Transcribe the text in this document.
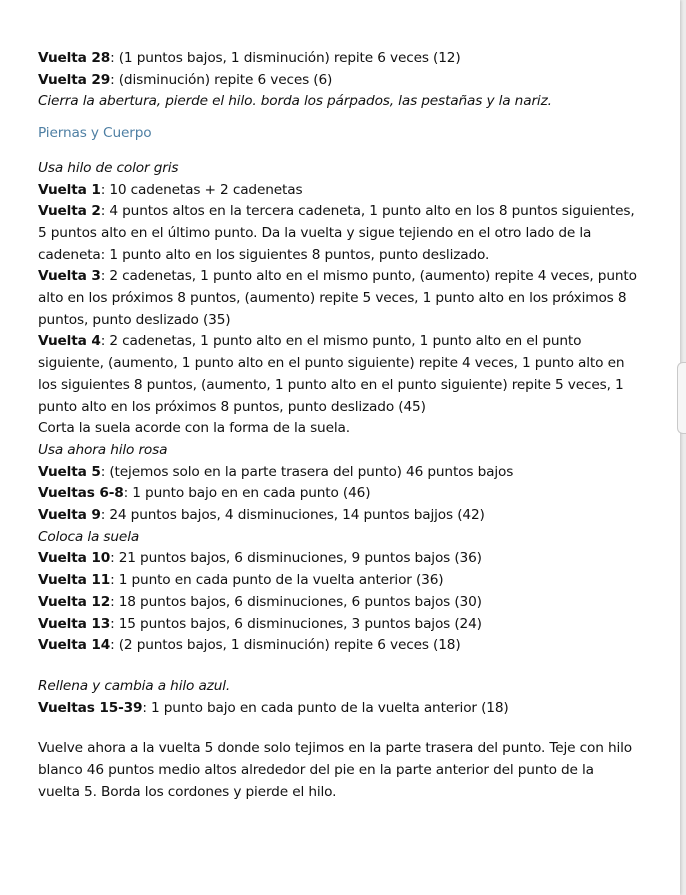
Vuelta 28: (1 puntos bajos, 1 disminución) repite 6 veces (12)

Vuelta 29: (disminución) repite 6 veces (6)

Cierra la abertura, pierde el hilo. borda los párpados, las pestañas y la nariz.

Piernas y Cuerpo

Usa hilo de color gris

Vuelta 1: 10 cadenetas + 2 cadenetas

Vuelta 2: 4 puntos altos en la tercera cadeneta, 1 punto alto en los 8 puntos siguientes, 5 puntos alto en el último punto. Da la vuelta y sigue tejiendo en el otro lado de la cadeneta: 1 punto alto en los siguientes 8 puntos, punto deslizado.

Vuelta 3: 2 cadenetas, 1 punto alto en el mismo punto, (aumento) repite 4 veces, punto alto en los próximos 8 puntos, (aumento) repite 5 veces, 1 punto alto en los próximos 8 puntos, punto deslizado (35)

Vuelta 4: 2 cadenetas, 1 punto alto en el mismo punto, 1 punto alto en el punto siguiente, (aumento, 1 punto alto en el punto siguiente) repite 4 veces, 1 punto alto en los siguientes 8 puntos, (aumento, 1 punto alto en el punto siguiente) repite 5 veces, 1 punto alto en los próximos 8 puntos, punto deslizado (45)

Corta la suela acorde con la forma de la suela.

Usa ahora hilo rosa

Vuelta 5: (tejemos solo en la parte trasera del punto) 46 puntos bajos

Vueltas 6-8: 1 punto bajo en en cada punto (46)

Vuelta 9: 24 puntos bajos, 4 disminuciones, 14 puntos bajjos (42)

Coloca la suela

Vuelta 10: 21 puntos bajos, 6 disminuciones, 9 puntos bajos (36)

Vuelta 11: 1 punto en cada punto de la vuelta anterior (36)

Vuelta 12: 18 puntos bajos, 6 disminuciones, 6 puntos bajos (30)

Vuelta 13: 15 puntos bajos, 6 disminuciones, 3 puntos bajos (24)

Vuelta 14: (2 puntos bajos, 1 disminución) repite 6 veces (18)

Rellena y cambia a hilo azul.

Vueltas 15-39: 1 punto bajo en cada punto de la vuelta anterior (18)

Vuelve ahora a la vuelta 5 donde solo tejimos en la parte trasera del punto. Teje con hilo blanco 46 puntos medio altos alrededor del pie en la parte anterior del punto de la vuelta 5. Borda los cordones y pierde el hilo.
